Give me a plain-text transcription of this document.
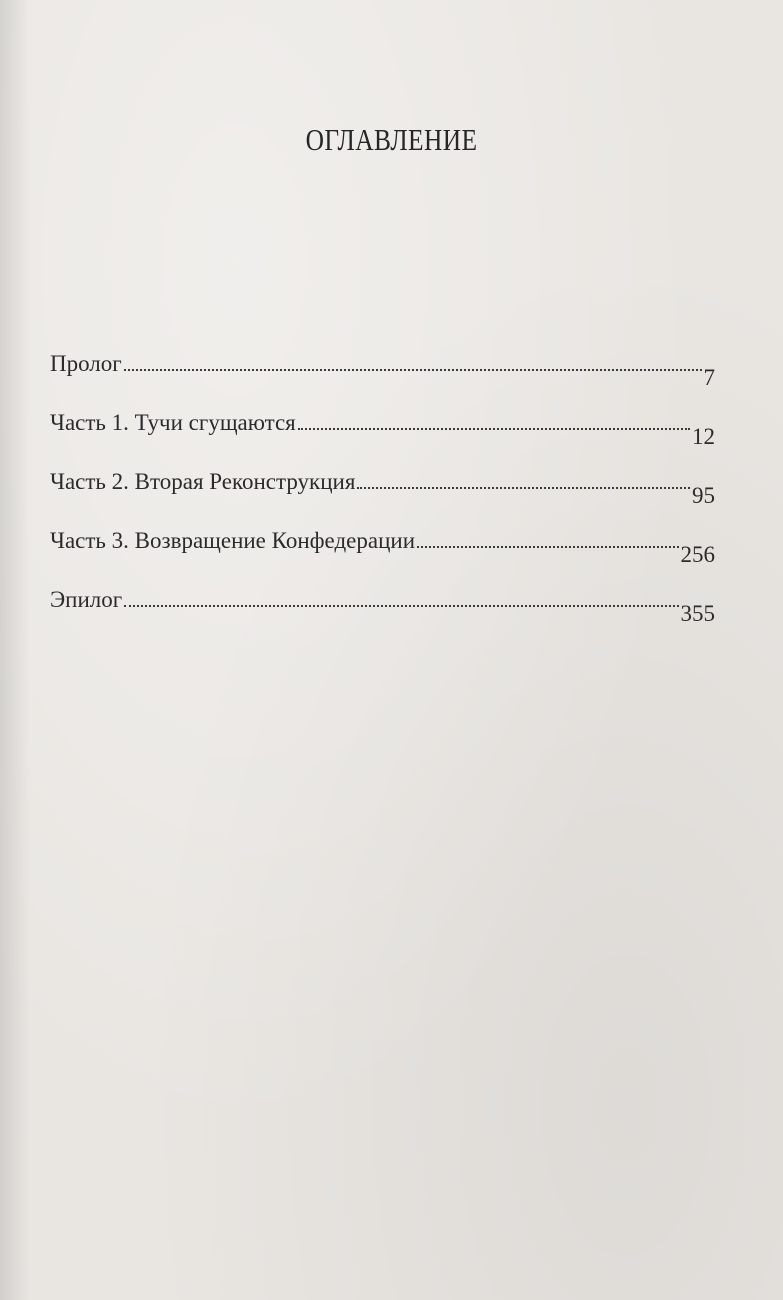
ОГЛАВЛЕНИЕ
Пролог
7
Часть 1. Тучи сгущаются
12
Часть 2. Вторая Реконструкция
95
Часть 3. Возвращение Конфедерации
256
Эпилог
355
